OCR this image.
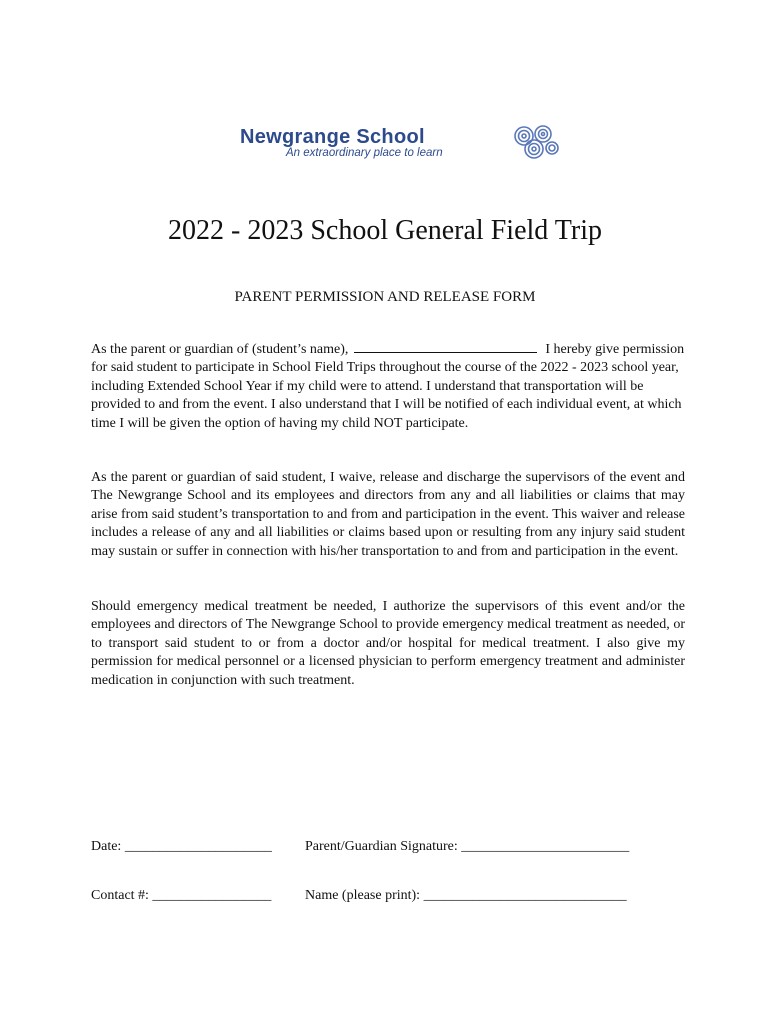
Newgrange School
An extraordinary place to learn
2022 - 2023 School General Field Trip
PARENT PERMISSION AND RELEASE FORM

As the parent or guardian of (student’s name),	I hereby give permission for said student to participate in School Field Trips throughout the course of the 2022 - 2023 school year, including Extended School Year if my child were to attend. I understand that transportation will be provided to and from the event. I also understand that I will be notified of each individual event, at which time I will be given the option of having my child NOT participate.

As the parent or guardian of said student, I waive, release and discharge the supervisors of the event and The Newgrange School and its employees and directors from any and all liabilities or claims that may arise from said student’s transportation to and from and participation in the event. This waiver and release includes a release of any and all liabilities or claims based upon or resulting from any injury said student may sustain or suffer in connection with his/her transportation to and from and participation in the event.

Should emergency medical treatment be needed, I authorize the supervisors of this event and/or the employees and directors of The Newgrange School to provide emergency medical treatment as needed, or to transport said student to or from a doctor and/or hospital for medical treatment. I also give my permission for medical personnel or a licensed physician to perform emergency treatment and administer medication in conjunction with such treatment.

Date: _____________________ Parent/Guardian Signature: ________________________
Contact #: _________________ Name (please print): _____________________________
